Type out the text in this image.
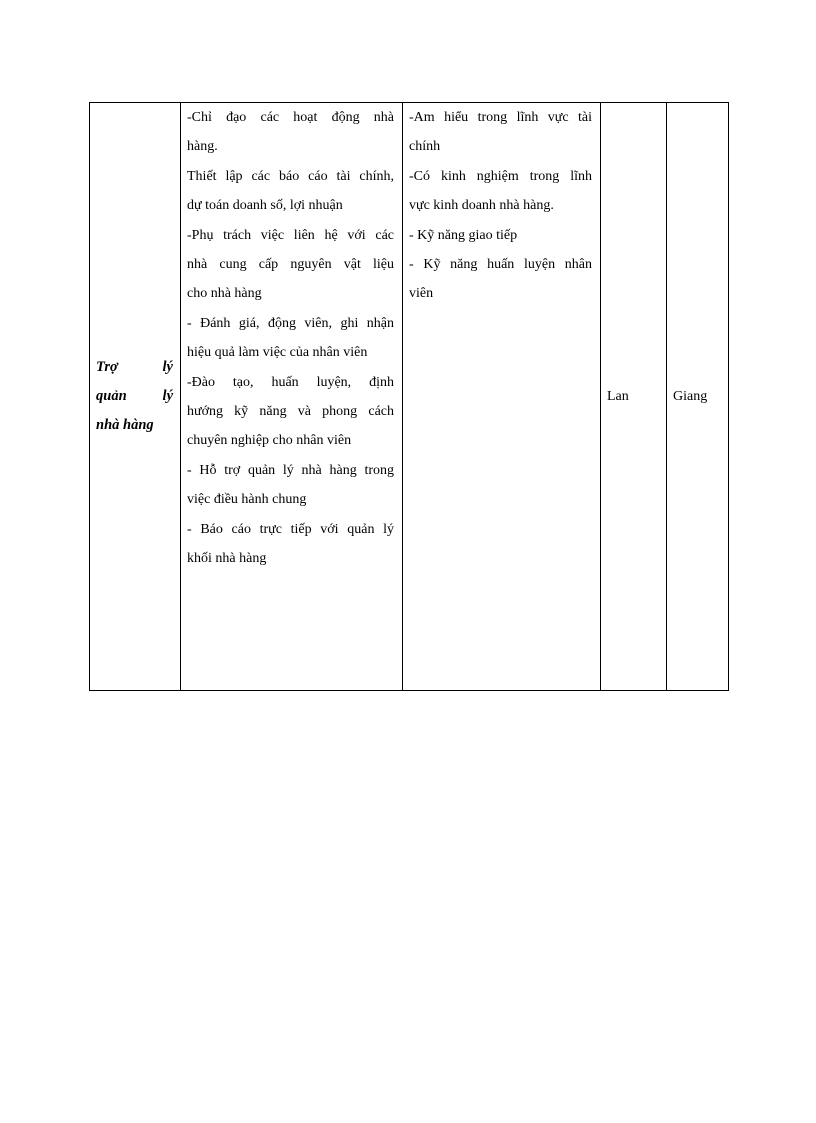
Trợ lý
quản lý
nhà hàng

-Chỉ đạo các hoạt động nhà
hàng.
Thiết lập các báo cáo tài chính,
dự toán doanh số, lợi nhuận
-Phụ trách việc liên hệ với các
nhà cung cấp nguyên vật liệu
cho nhà hàng
- Đánh giá, động viên, ghi nhận
hiệu quả làm việc của nhân viên
-Đào tạo, huấn luyện, định
hướng kỹ năng và phong cách
chuyên nghiệp cho nhân viên
- Hỗ trợ quản lý nhà hàng trong
việc điều hành chung
- Báo cáo trực tiếp với quản lý
khối nhà hàng

-Am hiểu trong lĩnh vực tài
chính
-Có kinh nghiệm trong lĩnh
vực kinh doanh nhà hàng.
- Kỹ năng giao tiếp
- Kỹ năng huấn luyện nhân
viên

Lan	Giang
